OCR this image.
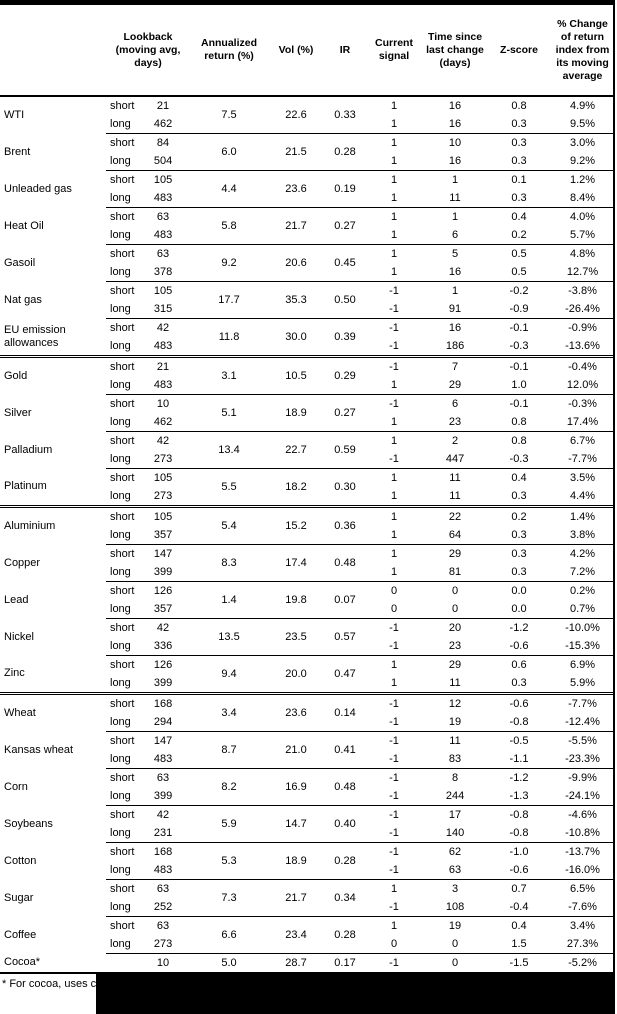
	Lookback (moving avg, days)		Annualized return (%)	Vol (%)	IR	Current signal	Time since last change (days)	Z-score	% Change of return index from its moving average
WTI	short	21	7.5	22.6	0.33	1	16	0.8	4.9%
	long	462				1	16	0.3	9.5%
Brent	short	84	6.0	21.5	0.28	1	10	0.3	3.0%
	long	504				1	16	0.3	9.2%
Unleaded gas	short	105	4.4	23.6	0.19	1	1	0.1	1.2%
	long	483				1	11	0.3	8.4%
Heat Oil	short	63	5.8	21.7	0.27	1	1	0.4	4.0%
	long	483				1	6	0.2	5.7%
Gasoil	short	63	9.2	20.6	0.45	1	5	0.5	4.8%
	long	378				1	16	0.5	12.7%
Nat gas	short	105	17.7	35.3	0.50	-1	1	-0.2	-3.8%
	long	315				-1	91	-0.9	-26.4%
EU emission allowances	short	42	11.8	30.0	0.39	-1	16	-0.1	-0.9%
	long	483				-1	186	-0.3	-13.6%
Gold	short	21	3.1	10.5	0.29	-1	7	-0.1	-0.4%
	long	483				1	29	1.0	12.0%
Silver	short	10	5.1	18.9	0.27	-1	6	-0.1	-0.3%
	long	462				1	23	0.8	17.4%
Palladium	short	42	13.4	22.7	0.59	1	2	0.8	6.7%
	long	273				-1	447	-0.3	-7.7%
Platinum	short	105	5.5	18.2	0.30	1	11	0.4	3.5%
	long	273				1	11	0.3	4.4%
Aluminium	short	105	5.4	15.2	0.36	1	22	0.2	1.4%
	long	357				1	64	0.3	3.8%
Copper	short	147	8.3	17.4	0.48	1	29	0.3	4.2%
	long	399				1	81	0.3	7.2%
Lead	short	126	1.4	19.8	0.07	0	0	0.0	0.2%
	long	357				0	0	0.0	0.7%
Nickel	short	42	13.5	23.5	0.57	-1	20	-1.2	-10.0%
	long	336				-1	23	-0.6	-15.3%
Zinc	short	126	9.4	20.0	0.47	1	29	0.6	6.9%
	long	399				1	11	0.3	5.9%
Wheat	short	168	3.4	23.6	0.14	-1	12	-0.6	-7.7%
	long	294				-1	19	-0.8	-12.4%
Kansas wheat	short	147	8.7	21.0	0.41	-1	11	-0.5	-5.5%
	long	483				-1	83	-1.1	-23.3%
Corn	short	63	8.2	16.9	0.48	-1	8	-1.2	-9.9%
	long	399				-1	244	-1.3	-24.1%
Soybeans	short	42	5.9	14.7	0.40	-1	17	-0.8	-4.6%
	long	231				-1	140	-0.8	-10.8%
Cotton	short	168	5.3	18.9	0.28	-1	62	-1.0	-13.7%
	long	483				-1	63	-0.6	-16.0%
Sugar	short	63	7.3	21.7	0.34	1	3	0.7	6.5%
	long	252				-1	108	-0.4	-7.6%
Coffee	short	63	6.6	23.4	0.28	1	19	0.4	3.4%
	long	273				0	0	1.5	27.3%
Cocoa*		10	5.0	28.7	0.17	-1	0	-1.5	-5.2%
* For cocoa, uses c
